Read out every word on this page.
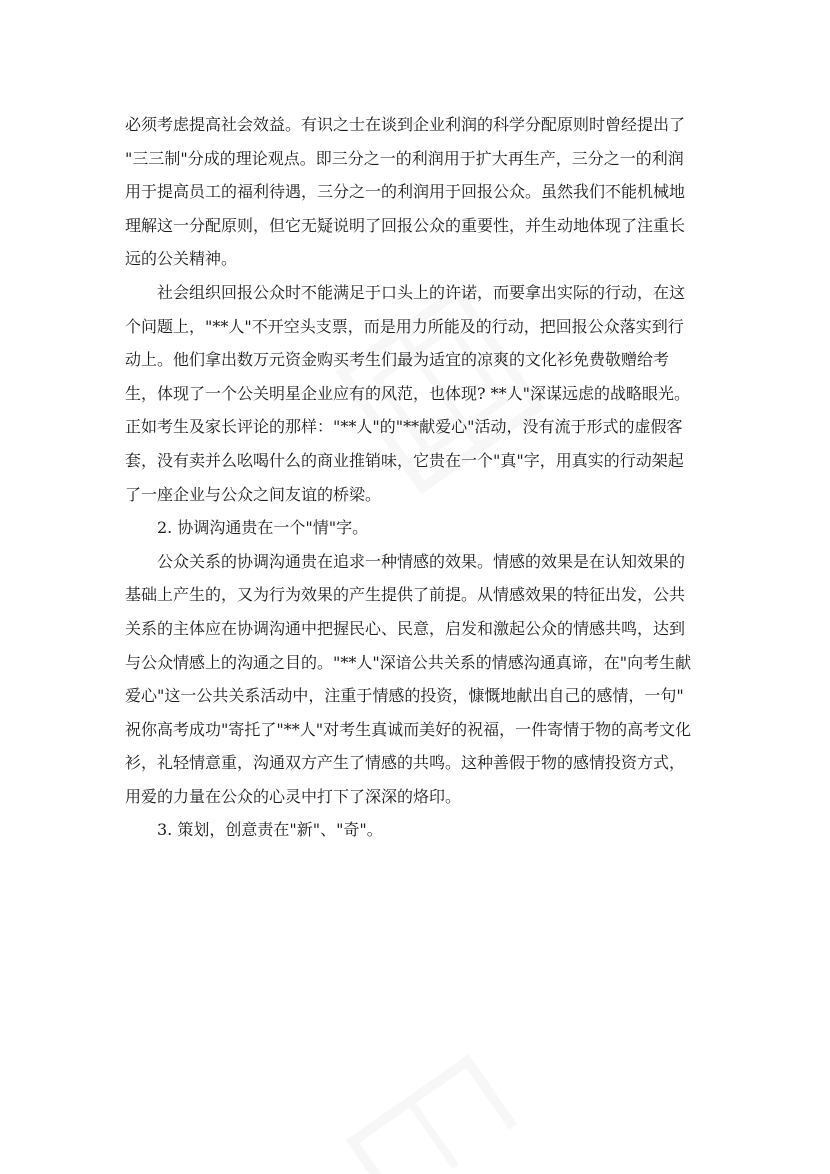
必须考虑提高社会效益。有识之士在谈到企业利润的科学分配原则时曾经提出了
"三三制"分成的理论观点。即三分之一的利润用于扩大再生产，三分之一的利润
用于提高员工的福利待遇，三分之一的利润用于回报公众。虽然我们不能机械地
理解这一分配原则，但它无疑说明了回报公众的重要性，并生动地体现了注重长
远的公关精神。
社会组织回报公众时不能满足于口头上的许诺，而要拿出实际的行动，在这
个问题上，"**人"不开空头支票，而是用力所能及的行动，把回报公众落实到行
动上。他们拿出数万元资金购买考生们最为适宜的凉爽的文化衫免费敬赠给考
生，体现了一个公关明星企业应有的风范，也体现? **人"深谋远虑的战略眼光。
正如考生及家长评论的那样："**人"的"**献爱心"活动，没有流于形式的虚假客
套，没有卖并么吆喝什么的商业推销味，它贵在一个"真"字，用真实的行动架起
了一座企业与公众之间友谊的桥梁。
2. 协调沟通贵在一个"情"字。
公众关系的协调沟通贵在追求一种情感的效果。情感的效果是在认知效果的
基础上产生的，又为行为效果的产生提供了前提。从情感效果的特征出发，公共
关系的主体应在协调沟通中把握民心、民意，启发和激起公众的情感共鸣，达到
与公众情感上的沟通之目的。"**人"深谙公共关系的情感沟通真谛，在"向考生献
爱心"这一公共关系活动中，注重于情感的投资，慷慨地献出自己的感情，一句"
祝你高考成功"寄托了"**人"对考生真诚而美好的祝福，一件寄情于物的高考文化
衫，礼轻情意重，沟通双方产生了情感的共鸣。这种善假于物的感情投资方式，
用爱的力量在公众的心灵中打下了深深的烙印。
3. 策划，创意责在"新"、"奇"。
